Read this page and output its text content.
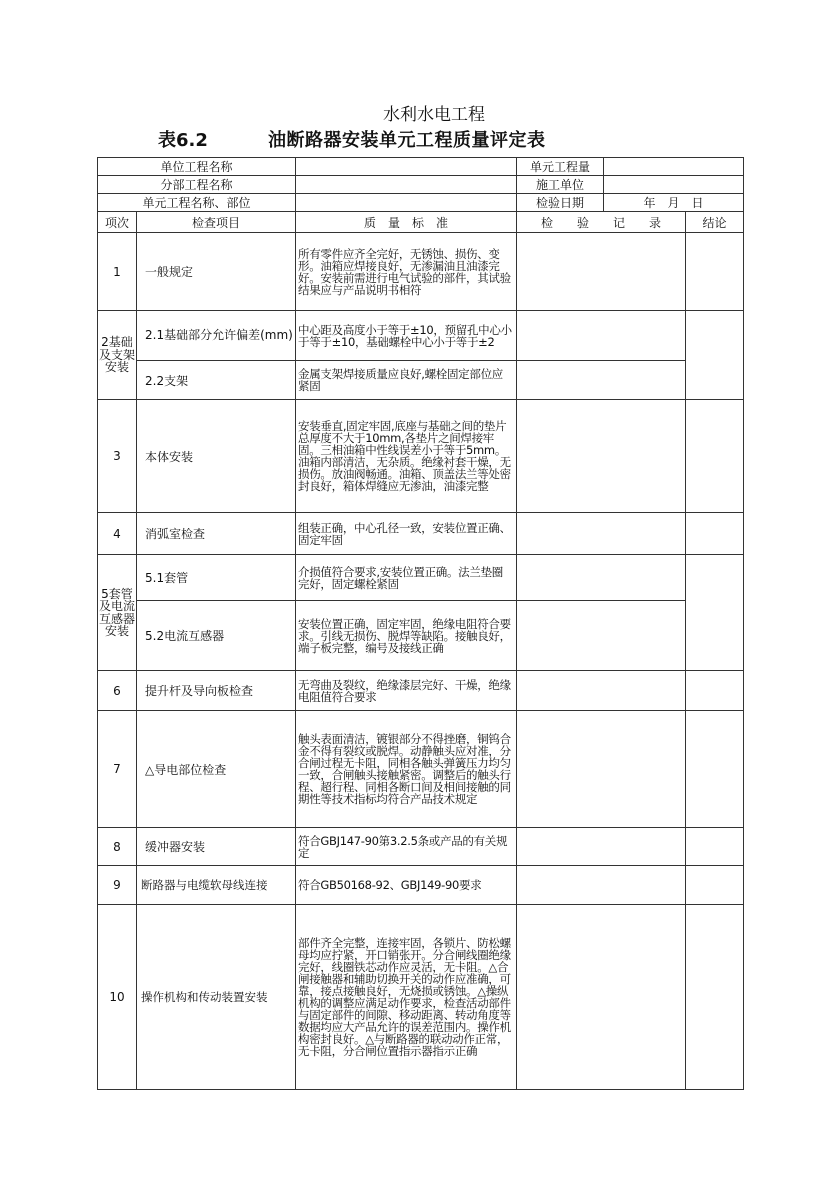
水利水电工程
表6.2	油断路器安装单元工程质量评定表
单位工程名称			单元工程量		
分部工程名称			施工单位		
单元工程名称、部位			检验日期	年　月　日	
项次	检查项目	质　量　标　准	检　　验　　记　　录		结论
1	一般规定	所有零件应齐全完好，无锈蚀、损伤、变形。油箱应焊接良好，无渗漏油且油漆完好。安装前需进行电气试验的部件，其试验结果应与产品说明书相符			
2基础及支架安装	2.1基础部分允许偏差(mm)	中心距及高度小于等于±10，预留孔中心小于等于±10，基础螺栓中心小于等于±2			
	2.2支架	金属支架焊接质量应良好,螺栓固定部位应紧固			
3	本体安装	安装垂直,固定牢固,底座与基础之间的垫片总厚度不大于10mm,各垫片之间焊接牢固。三相油箱中性线误差小于等于5mm。油箱内部清洁，无杂质。绝缘衬套干燥，无损伤。放油阀畅通。油箱、顶盖法兰等处密封良好，箱体焊缝应无渗油，油漆完整			
4	消弧室检查	组装正确，中心孔径一致，安装位置正确、固定牢固			
5套管及电流互感器安装	5.1套管	介损值符合要求,安装位置正确。法兰垫圈完好，固定螺栓紧固			
	5.2电流互感器	安装位置正确，固定牢固，绝缘电阻符合要求。引线无损伤、脱焊等缺陷。接触良好，端子板完整，编号及接线正确			
6	提升杆及导向板检查	无弯曲及裂纹，绝缘漆层完好、干燥，绝缘电阻值符合要求			
7	△导电部位检查	触头表面清洁，镀银部分不得挫磨，铜钨合金不得有裂纹或脱焊。动静触头应对准，分合闸过程无卡阻，同相各触头弹簧压力均匀一致，合闸触头接触紧密。调整后的触头行程、超行程、同相各断口间及相间接触的同期性等技术指标均符合产品技术规定			
8	缓冲器安装	符合GBJ147-90第3.2.5条或产品的有关规定			
9	断路器与电缆软母线连接	符合GB50168-92、GBJ149-90要求			
10	操作机构和传动装置安装	部件齐全完整，连接牢固，各锁片、防松螺母均应拧紧，开口销张开。分合闸线圈绝缘完好，线圈铁芯动作应灵活，无卡阻。△合闸接触器和辅助切换开关的动作应准确，可靠，接点接触良好，无烧损或锈蚀。△操纵机构的调整应满足动作要求，检查活动部件与固定部件的间隙、移动距离、转动角度等数据均应大产品允许的误差范围内。操作机构密封良好。△与断路器的联动动作正常，无卡阻，分合闸位置指示器指示正确			
